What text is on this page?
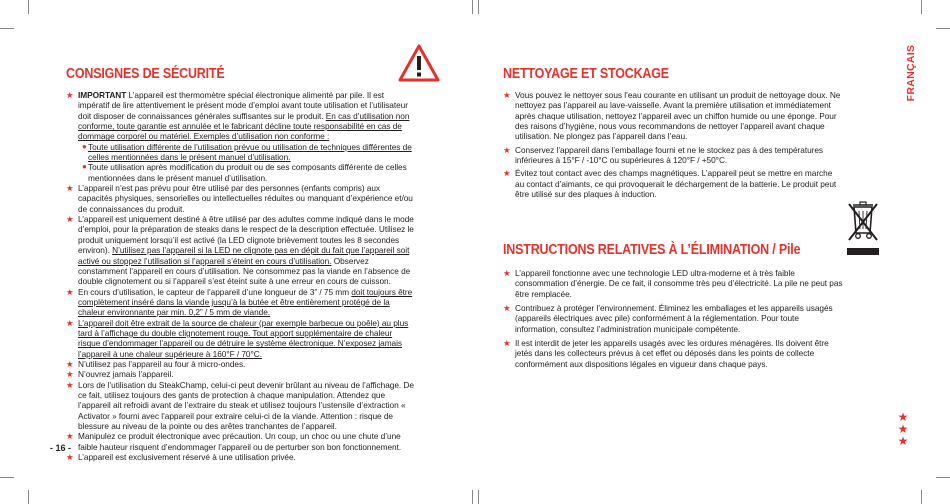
CONSIGNES DE SÉCURITÉ
★ IMPORTANT L’appareil est thermomètre spécial électronique alimenté par pile. Il est impératif de lire attentivement le présent mode d’emploi avant toute utilisation et l’utilisateur doit disposer de connaissances générales suffisantes sur le produit. En cas d’utilisation non conforme, toute garantie est annulée et le fabricant décline toute responsabilité en cas de dommage corporel ou matériel. Exemples d’utilisation non conforme :
● Toute utilisation différente de l’utilisation prévue ou utilisation de techniques différentes de celles mentionnées dans le présent manuel d’utilisation.
● Toute utilisation après modification du produit ou de ses composants différente de celles mentionnées dans le présent manuel d’utilisation.
★ L’appareil n’est pas prévu pour être utilisé par des personnes (enfants compris) aux capacités physiques, sensorielles ou intellectuelles réduites ou manquant d’expérience et/ou de connaissances du produit.
★ L’appareil est uniquement destiné à être utilisé par des adultes comme indiqué dans le mode d’emploi, pour la préparation de steaks dans le respect de la description effectuée. Utilisez le produit uniquement lorsqu’il est activé (la LED clignote brièvement toutes les 8 secondes environ). N’utilisez pas l’appareil si la LED ne clignote pas en dépit du fait que l’appareil soit activé ou stoppez l’utilisation si l’appareil s’éteint en cours d’utilisation. Observez constamment l’appareil en cours d’utilisation. Ne consommez pas la viande en l’absence de double clignotement ou si l’appareil s’est éteint suite à une erreur en cours de cuisson.
★ En cours d’utilisation, le capteur de l’appareil d’une longueur de 3” / 75 mm doit toujours être complètement inséré dans la viande jusqu’à la butée et être entièrement protégé de la chaleur environnante par min. 0,2” / 5 mm de viande.
★ L’appareil doit être extrait de la source de chaleur (par exemple barbecue ou poêle) au plus tard à l’affichage du double clignotement rouge. Tout apport supplémentaire de chaleur risque d’endommager l’appareil ou de détruire le système électronique. N’exposez jamais l’appareil à une chaleur supérieure à 160°F / 70°C.
★ N’utilisez pas l’appareil au four à micro-ondes.
★ N’ouvrez jamais l’appareil.
★ Lors de l’utilisation du SteakChamp, celui-ci peut devenir brûlant au niveau de l’affichage. De ce fait, utilisez toujours des gants de protection à chaque manipulation. Attendez que l’appareil ait refroidi avant de l’extraire du steak et utilisez toujours l’ustensile d’extraction « Activator » fourni avec l’appareil pour extraire celui-ci de la viande. Attention : risque de blessure au niveau de la pointe ou des arêtes tranchantes de l’appareil.
★ Manipulez ce produit électronique avec précaution. Un coup, un choc ou une chute d’une faible hauteur risquent d’endommager l’appareil ou de perturber son bon fonctionnement.
★ L’appareil est exclusivement réservé à une utilisation privée.
- 16 -
NETTOYAGE ET STOCKAGE
★ Vous pouvez le nettoyer sous l’eau courante en utilisant un produit de nettoyage doux. Ne nettoyez pas l’appareil au lave-vaisselle. Avant la première utilisation et immédiatement après chaque utilisation, nettoyez l’appareil avec un chiffon humide ou une éponge. Pour des raisons d’hygiène, nous vous recommandons de nettoyer l’appareil avant chaque utilisation. Ne plongez pas l’appareil dans l’eau.
★ Conservez l’appareil dans l’emballage fourni et ne le stockez pas à des températures inférieures à 15°F / -10°C ou supérieures à 120°F / +50°C.
★ Évitez tout contact avec des champs magnétiques. L’appareil peut se mettre en marche au contact d’aimants, ce qui provoquerait le déchargement de la batterie. Le produit peut être utilisé sur des plaques à induction.
INSTRUCTIONS RELATIVES À L’ÉLIMINATION / Pile
★ L’appareil fonctionne avec une technologie LED ultra-moderne et à très faible consommation d’énergie. De ce fait, il consomme très peu d’électricité. La pile ne peut pas être remplacée.
★ Contribuez à protéger l’environnement. Éliminez les emballages et les appareils usagés (appareils électriques avec pile) conformément à la réglementation. Pour toute information, consultez l’administration municipale compétente.
★ Il est interdit de jeter les appareils usagés avec les ordures ménagères. Ils doivent être jetés dans les collecteurs prévus à cet effet ou déposés dans les points de collecte conformément aux dispositions légales en vigueur dans chaque pays.
FRANÇAIS
★
★
★
